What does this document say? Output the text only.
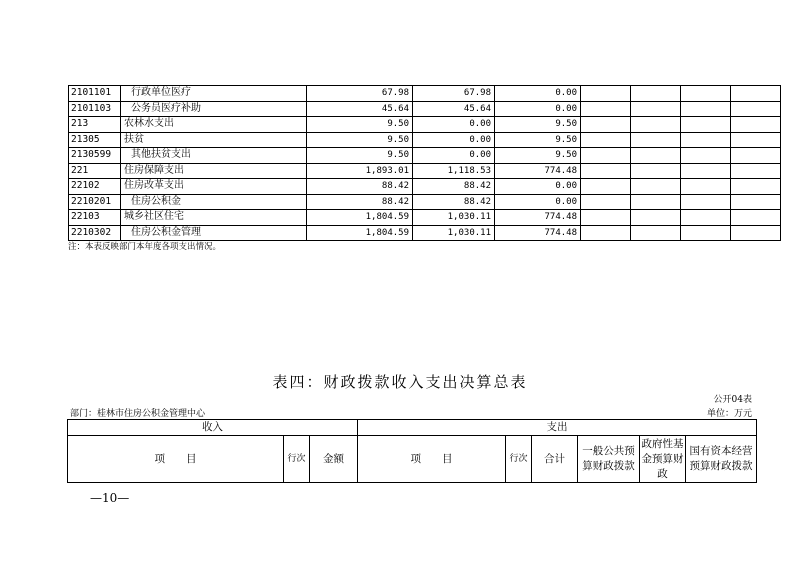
2101101	行政单位医疗	67.98	67.98	0.00				
2101103	公务员医疗补助	45.64	45.64	0.00				
213	农林水支出	9.50	0.00	9.50				
21305	扶贫	9.50	0.00	9.50				
2130599	其他扶贫支出	9.50	0.00	9.50				
221	住房保障支出	1,893.01	1,118.53	774.48				
22102	住房改革支出	88.42	88.42	0.00				
2210201	住房公积金	88.42	88.42	0.00				
22103	城乡社区住宅	1,804.59	1,030.11	774.48				
2210302	住房公积金管理	1,804.59	1,030.11	774.48				
注：本表反映部门本年度各项支出情况。
表四：财政拨款收入支出决算总表
公开04表
部门：桂林市住房公积金管理中心	单位：万元
收入			支出					
项　　目	行次	金额	项　　目	行次	合计	一般公共预算财政拨款	政府性基金预算财政	国有资本经营预算财政拨款
—10—
